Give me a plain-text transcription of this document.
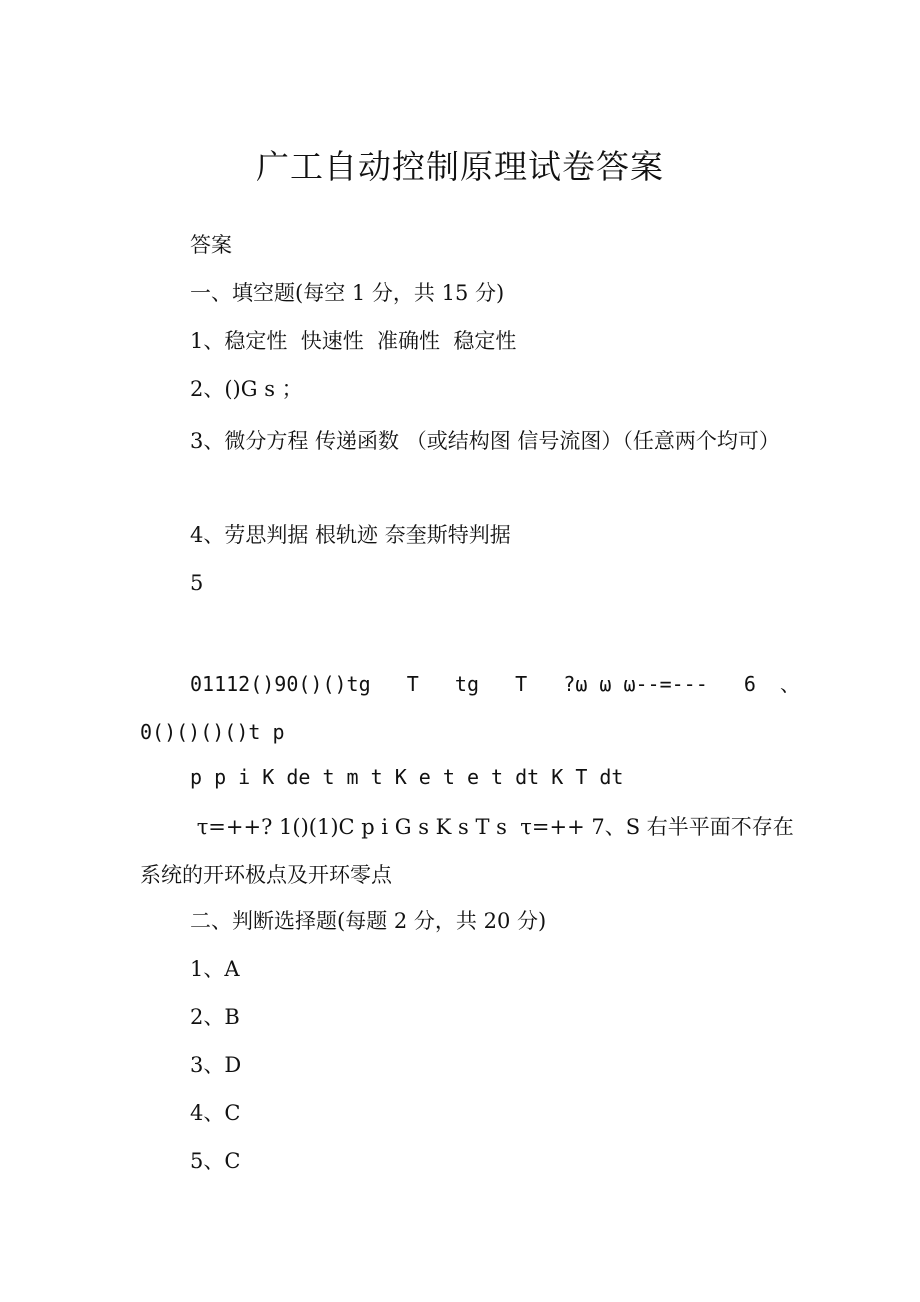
广工自动控制原理试卷答案

答案

一、填空题(每空 1 分，共 15 分)

1、稳定性  快速性  准确性  稳定性

2、()G s ；

3、微分方程 传递函数 （或结构图 信号流图）（任意两个均可）

4、劳思判据 根轨迹 奈奎斯特判据

5

01112()90()()tg   T   tg   T   ?ω ω ω--=---   6  、 0()()()()t p

p p i K de t m t K e t e t dt K T dt

τ=++? 1()(1)C p i G s K s T s  τ=++ 7、S 右半平面不存在系统的开环极点及开环零点

二、判断选择题(每题 2 分，共 20 分)

1、A

2、B

3、D

4、C

5、C
